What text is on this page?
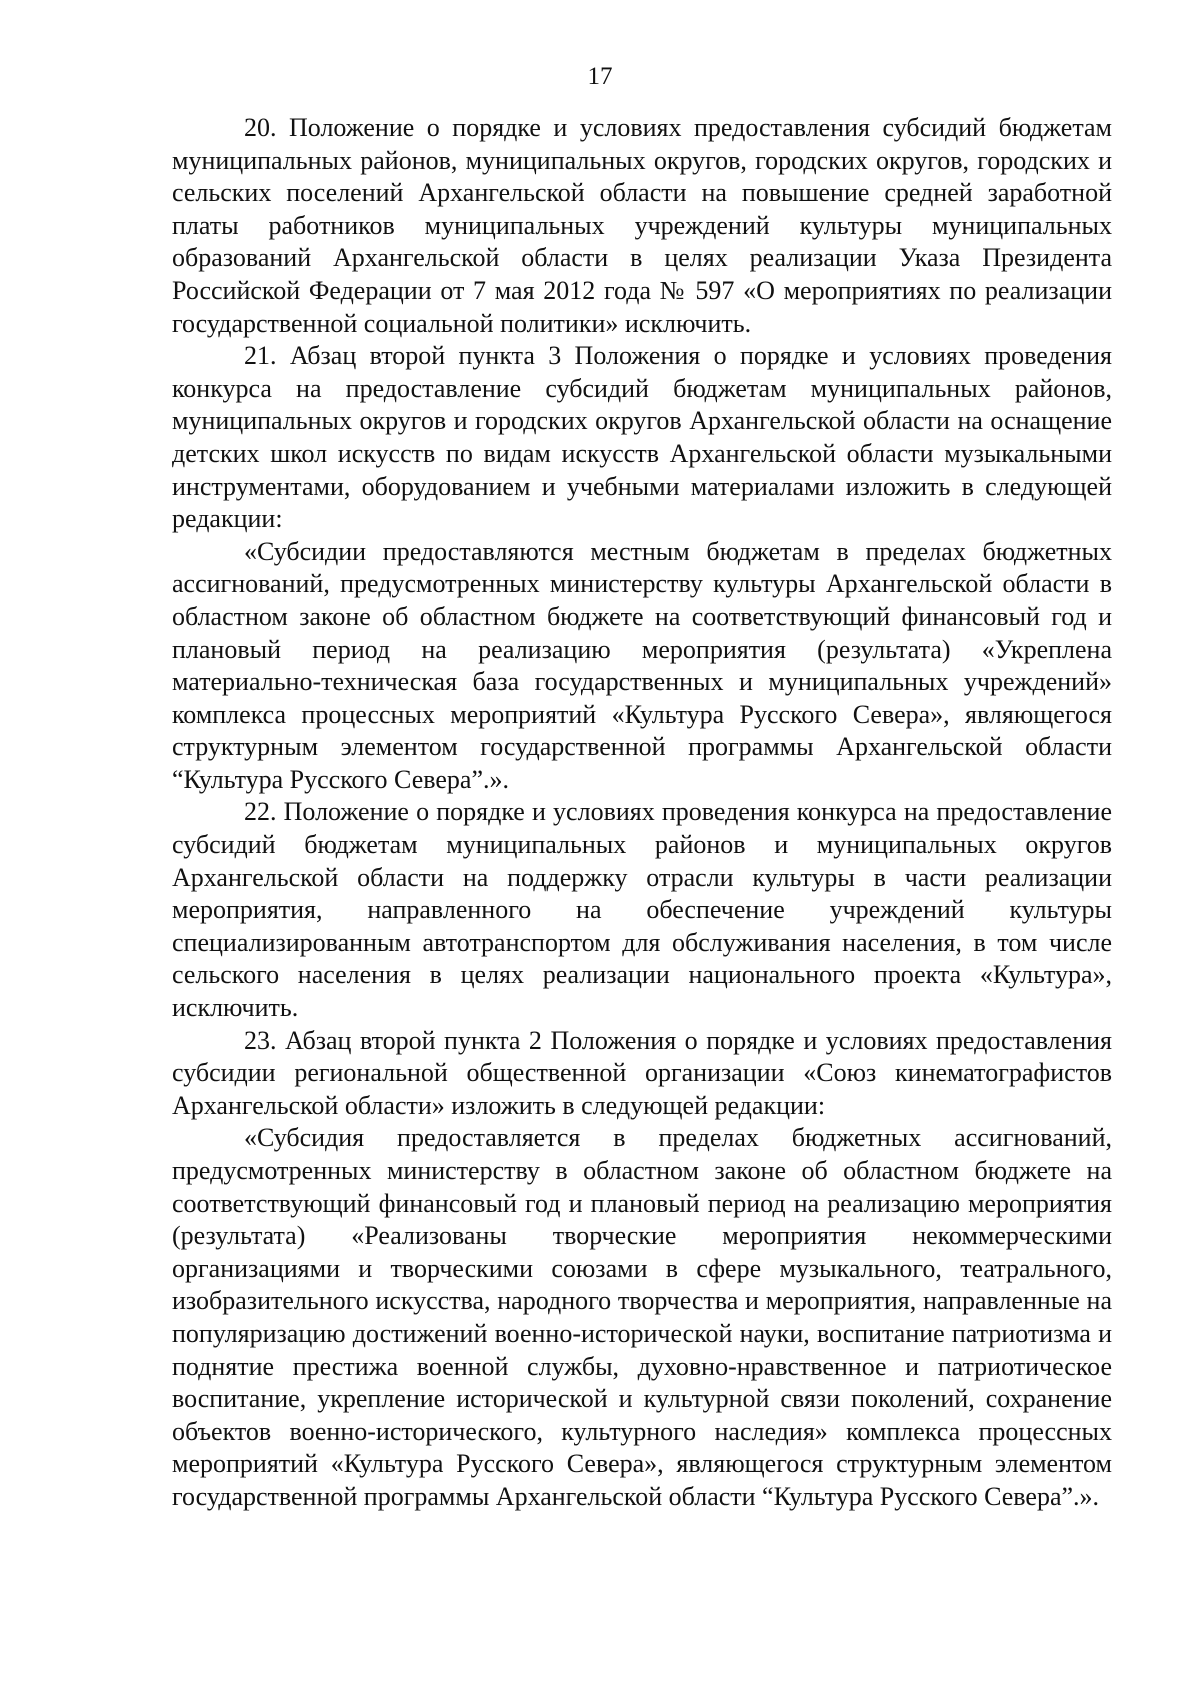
17

20. Положение о порядке и условиях предоставления субсидий бюджетам муниципальных районов, муниципальных округов, городских округов, городских и сельских поселений Архангельской области на повышение средней заработной платы работников муниципальных учреждений культуры муниципальных образований Архангельской области в целях реализации Указа Президента Российской Федерации от 7 мая 2012 года № 597 «О мероприятиях по реализации государственной социальной политики» исключить.

21. Абзац второй пункта 3 Положения о порядке и условиях проведения конкурса на предоставление субсидий бюджетам муниципальных районов, муниципальных округов и городских округов Архангельской области на оснащение детских школ искусств по видам искусств Архангельской области музыкальными инструментами, оборудованием и учебными материалами изложить в следующей редакции:

«Субсидии предоставляются местным бюджетам в пределах бюджетных ассигнований, предусмотренных министерству культуры Архангельской области в областном законе об областном бюджете на соответствующий финансовый год и плановый период на реализацию мероприятия (результата) «Укреплена материально-техническая база государственных и муниципальных учреждений» комплекса процессных мероприятий «Культура Русского Севера», являющегося структурным элементом государственной программы Архангельской области “Культура Русского Севера”.».

22. Положение о порядке и условиях проведения конкурса на предоставление субсидий бюджетам муниципальных районов и муниципальных округов Архангельской области на поддержку отрасли культуры в части реализации мероприятия, направленного на обеспечение учреждений культуры специализированным автотранспортом для обслуживания населения, в том числе сельского населения в целях реализации национального проекта «Культура», исключить.

23. Абзац второй пункта 2 Положения о порядке и условиях предоставления субсидии региональной общественной организации «Союз кинематографистов Архангельской области» изложить в следующей редакции:

«Субсидия предоставляется в пределах бюджетных ассигнований, предусмотренных министерству в областном законе об областном бюджете на соответствующий финансовый год и плановый период на реализацию мероприятия (результата) «Реализованы творческие мероприятия некоммерческими организациями и творческими союзами в сфере музыкального, театрального, изобразительного искусства, народного творчества и мероприятия, направленные на популяризацию достижений военно-исторической науки, воспитание патриотизма и поднятие престижа военной службы, духовно-нравственное и патриотическое воспитание, укрепление исторической и культурной связи поколений, сохранение объектов военно-исторического, культурного наследия» комплекса процессных мероприятий «Культура Русского Севера», являющегося структурным элементом государственной программы Архангельской области “Культура Русского Севера”.».
